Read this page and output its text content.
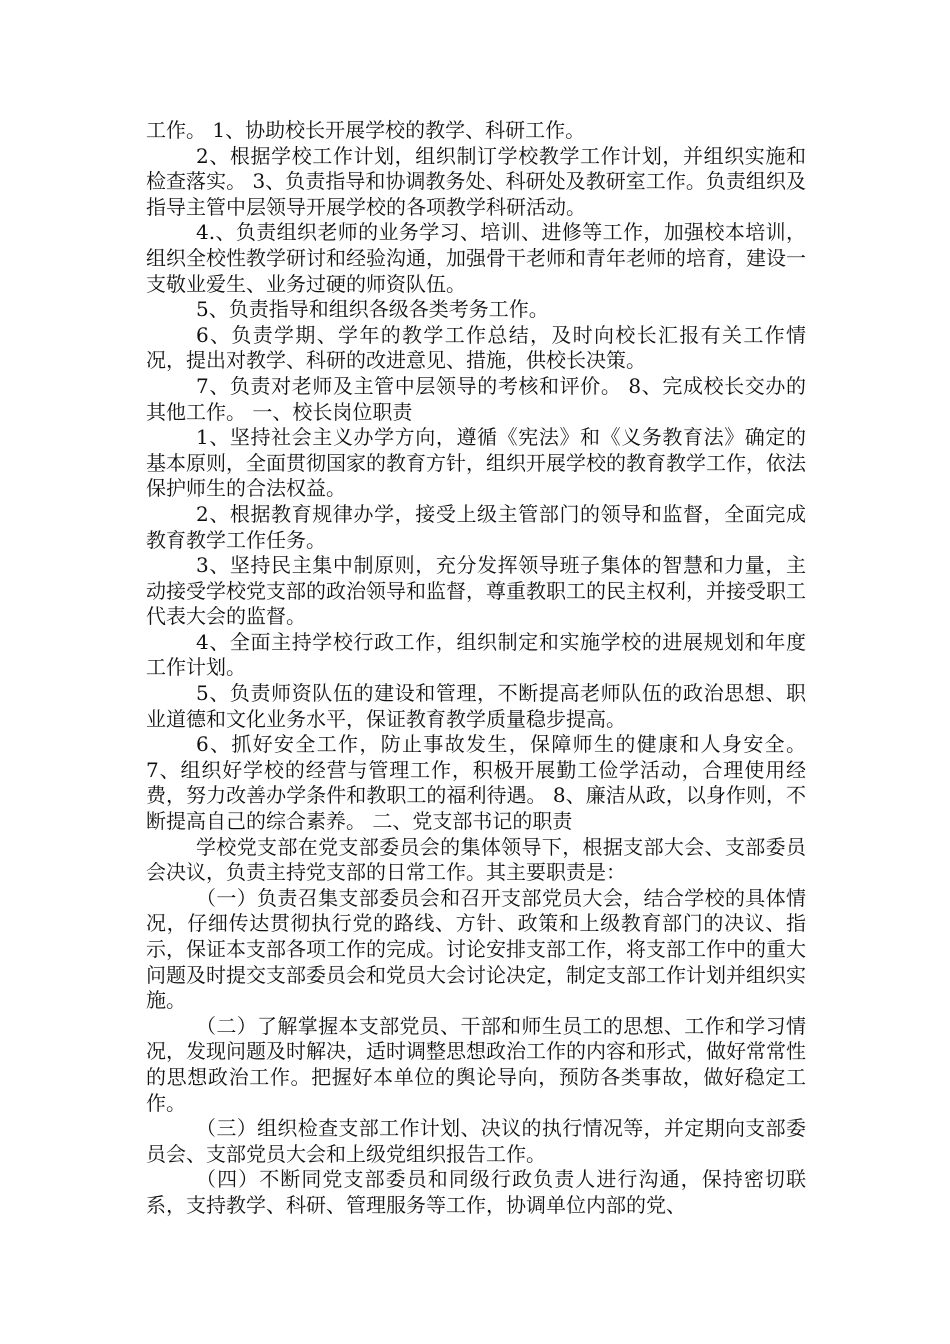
工作。 1、协助校长开展学校的教学、科研工作。

2、根据学校工作计划，组织制订学校教学工作计划，并组织实施和检查落实。 3、负责指导和协调教务处、科研处及教研室工作。负责组织及指导主管中层领导开展学校的各项教学科研活动。

4.、负责组织老师的业务学习、培训、进修等工作，加强校本培训，组织全校性教学研讨和经验沟通，加强骨干老师和青年老师的培育，建设一支敬业爱生、业务过硬的师资队伍。

5、负责指导和组织各级各类考务工作。

6、负责学期、学年的教学工作总结，及时向校长汇报有关工作情况，提出对教学、科研的改进意见、措施，供校长决策。

7、负责对老师及主管中层领导的考核和评价。 8、完成校长交办的其他工作。 一、校长岗位职责

1、坚持社会主义办学方向，遵循《宪法》和《义务教育法》确定的基本原则，全面贯彻国家的教育方针，组织开展学校的教育教学工作，依法保护师生的合法权益。

2、根据教育规律办学，接受上级主管部门的领导和监督，全面完成教育教学工作任务。

3、坚持民主集中制原则，充分发挥领导班子集体的智慧和力量，主动接受学校党支部的政治领导和监督，尊重教职工的民主权利，并接受职工代表大会的监督。

4、全面主持学校行政工作，组织制定和实施学校的进展规划和年度工作计划。

5、负责师资队伍的建设和管理，不断提高老师队伍的政治思想、职业道德和文化业务水平，保证教育教学质量稳步提高。

6、抓好安全工作，防止事故发生，保障师生的健康和人身安全。 7、组织好学校的经营与管理工作，积极开展勤工俭学活动，合理使用经费，努力改善办学条件和教职工的福利待遇。 8、廉洁从政，以身作则，不断提高自己的综合素养。 二、党支部书记的职责

学校党支部在党支部委员会的集体领导下，根据支部大会、支部委员会决议，负责主持党支部的日常工作。其主要职责是：

（一）负责召集支部委员会和召开支部党员大会，结合学校的具体情况，仔细传达贯彻执行党的路线、方针、政策和上级教育部门的决议、指示，保证本支部各项工作的完成。讨论安排支部工作，将支部工作中的重大问题及时提交支部委员会和党员大会讨论决定，制定支部工作计划并组织实施。

（二）了解掌握本支部党员、干部和师生员工的思想、工作和学习情况，发现问题及时解决，适时调整思想政治工作的内容和形式，做好常常性的思想政治工作。把握好本单位的舆论导向，预防各类事故，做好稳定工作。

（三）组织检查支部工作计划、决议的执行情况等，并定期向支部委员会、支部党员大会和上级党组织报告工作。

（四）不断同党支部委员和同级行政负责人进行沟通，保持密切联系，支持教学、科研、管理服务等工作，协调单位内部的党、
